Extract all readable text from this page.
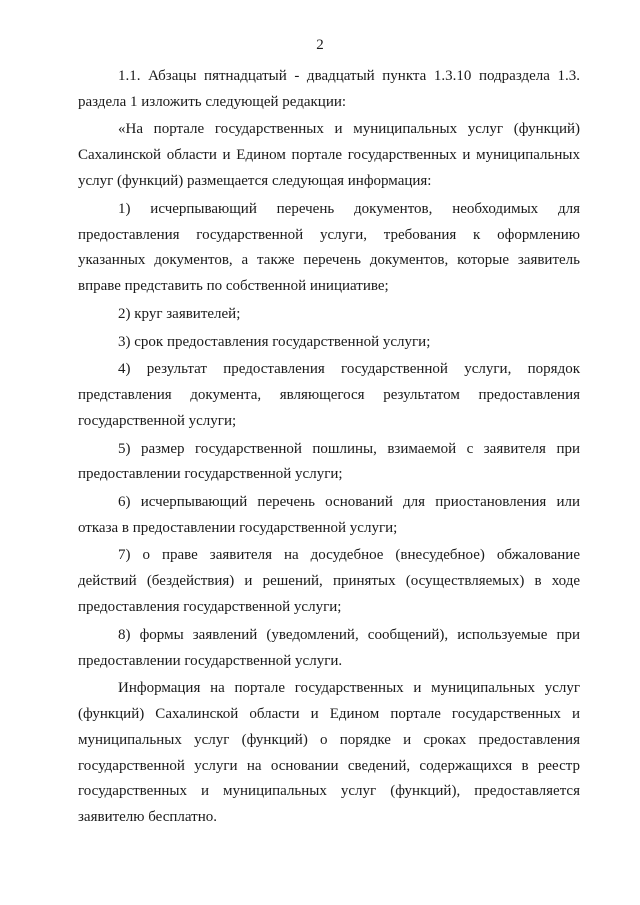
2

1.1. Абзацы пятнадцатый - двадцатый пункта 1.3.10 подраздела 1.3. раздела 1 изложить следующей редакции:

«На портале государственных и муниципальных услуг (функций) Сахалинской области и Едином портале государственных и муниципальных услуг (функций) размещается следующая информация:

1) исчерпывающий перечень документов, необходимых для предоставления государственной услуги, требования к оформлению указанных документов, а также перечень документов, которые заявитель вправе представить по собственной инициативе;

2) круг заявителей;

3) срок предоставления государственной услуги;

4) результат предоставления государственной услуги, порядок представления документа, являющегося результатом предоставления государственной услуги;

5) размер государственной пошлины, взимаемой с заявителя при предоставлении государственной услуги;

6) исчерпывающий перечень оснований для приостановления или отказа в предоставлении государственной услуги;

7) о праве заявителя на досудебное (внесудебное) обжалование действий (бездействия) и решений, принятых (осуществляемых) в ходе предоставления государственной услуги;

8) формы заявлений (уведомлений, сообщений), используемые при предоставлении государственной услуги.

Информация на портале государственных и муниципальных услуг (функций) Сахалинской области и Едином портале государственных и муниципальных услуг (функций) о порядке и сроках предоставления государственной услуги на основании сведений, содержащихся в реестр государственных и муниципальных услуг (функций), предоставляется заявителю бесплатно.
